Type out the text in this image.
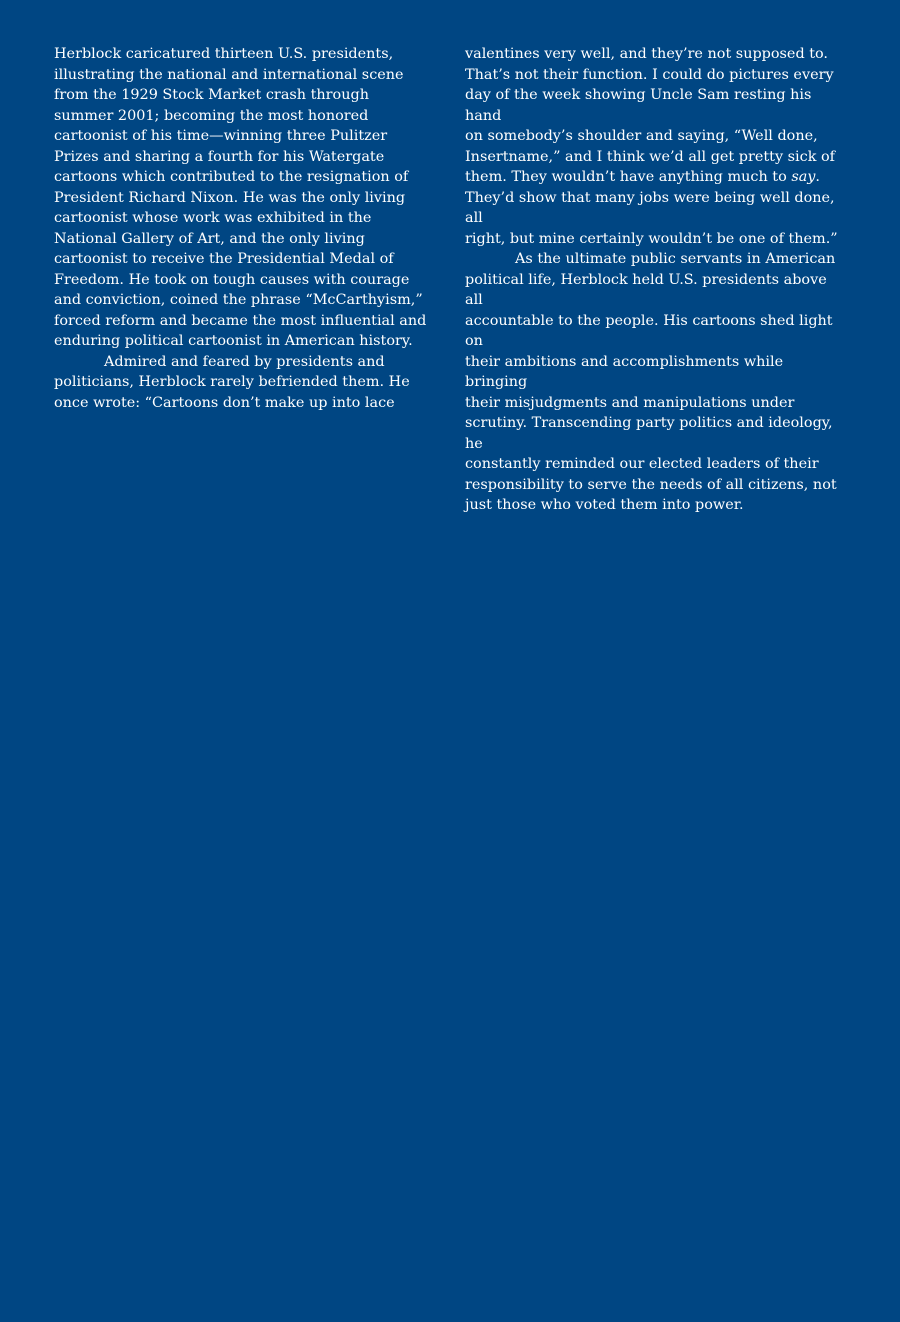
Herblock caricatured thirteen U.S. presidents,
illustrating the national and international scene
from the 1929 Stock Market crash through
summer 2001; becoming the most honored
cartoonist of his time—winning three Pulitzer
Prizes and sharing a fourth for his Watergate
cartoons which contributed to the resignation of
President Richard Nixon. He was the only living
cartoonist whose work was exhibited in the
National Gallery of Art, and the only living
cartoonist to receive the Presidential Medal of
Freedom. He took on tough causes with courage
and conviction, coined the phrase “McCarthyism,”
forced reform and became the most influential and
enduring political cartoonist in American history.

Admired and feared by presidents and
politicians, Herblock rarely befriended them. He
once wrote: “Cartoons don’t make up into lace

valentines very well, and they’re not supposed to.
That’s not their function. I could do pictures every
day of the week showing Uncle Sam resting his hand
on somebody’s shoulder and saying, “Well done,
Insertname,” and I think we’d all get pretty sick of
them. They wouldn’t have anything much to say.
They’d show that many jobs were being well done, all
right, but mine certainly wouldn’t be one of them.”

As the ultimate public servants in American
political life, Herblock held U.S. presidents above all
accountable to the people. His cartoons shed light on
their ambitions and accomplishments while bringing
their misjudgments and manipulations under
scrutiny. Transcending party politics and ideology, he
constantly reminded our elected leaders of their
responsibility to serve the needs of all citizens, not
just those who voted them into power.
